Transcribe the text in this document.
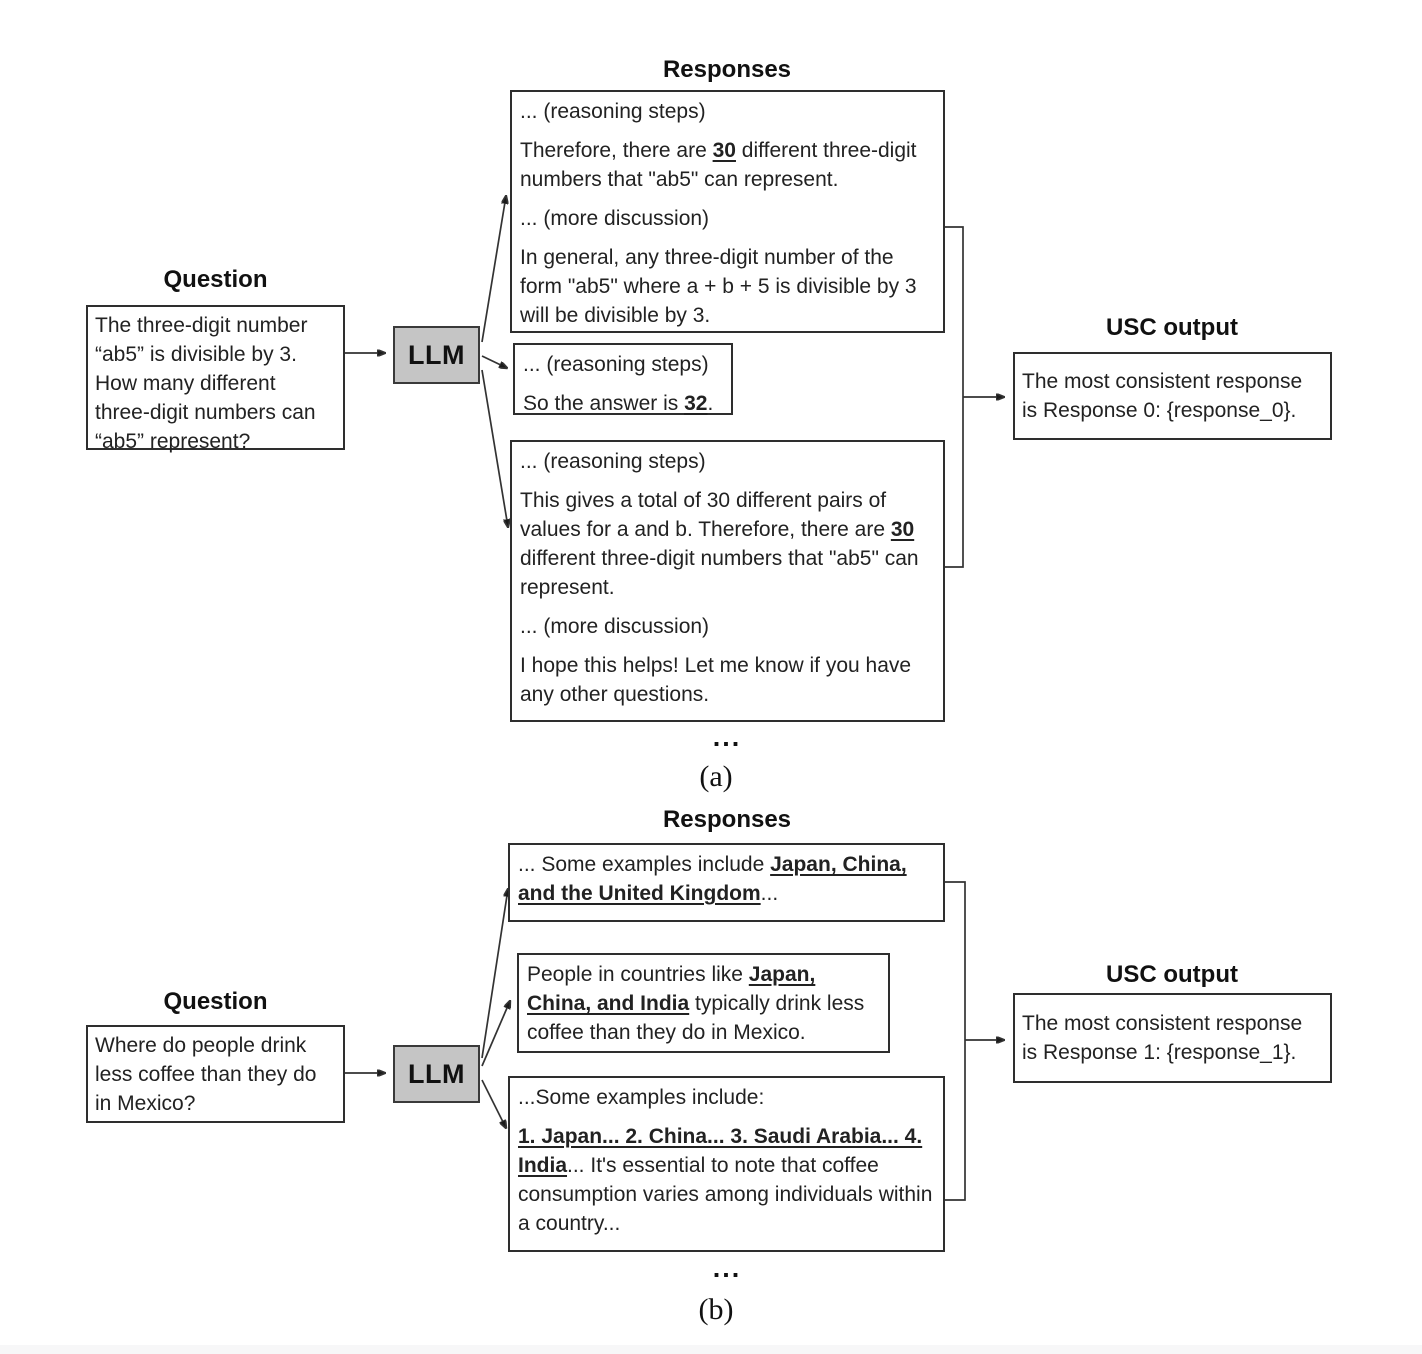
Responses

... (reasoning steps)

Therefore, there are 30 different three-digit numbers that "ab5" can represent.

... (more discussion)

In general, any three-digit number of the form "ab5" where a + b + 5 is divisible by 3 will be divisible by 3.

... (reasoning steps)

So the answer is 32.

... (reasoning steps)

This gives a total of 30 different pairs of values for a and b. Therefore, there are 30 different three-digit numbers that "ab5" can represent.

... (more discussion)

I hope this helps! Let me know if you have any other questions.

...
Question

The three-digit number “ab5” is divisible by 3. How many different three-digit numbers can “ab5” represent?

LLM
USC output

The most consistent response is Response 0: {response_0}.

(a)
Responses

... Some examples include Japan, China, and the United Kingdom...

People in countries like Japan, China, and India typically drink less coffee than they do in Mexico.

...Some examples include:

1. Japan... 2. China... 3. Saudi Arabia... 4. India... It's essential to note that coffee consumption varies among individuals within a country...

...
Question

Where do people drink less coffee than they do in Mexico?

LLM
USC output

The most consistent response is Response 1: {response_1}.

(b)
